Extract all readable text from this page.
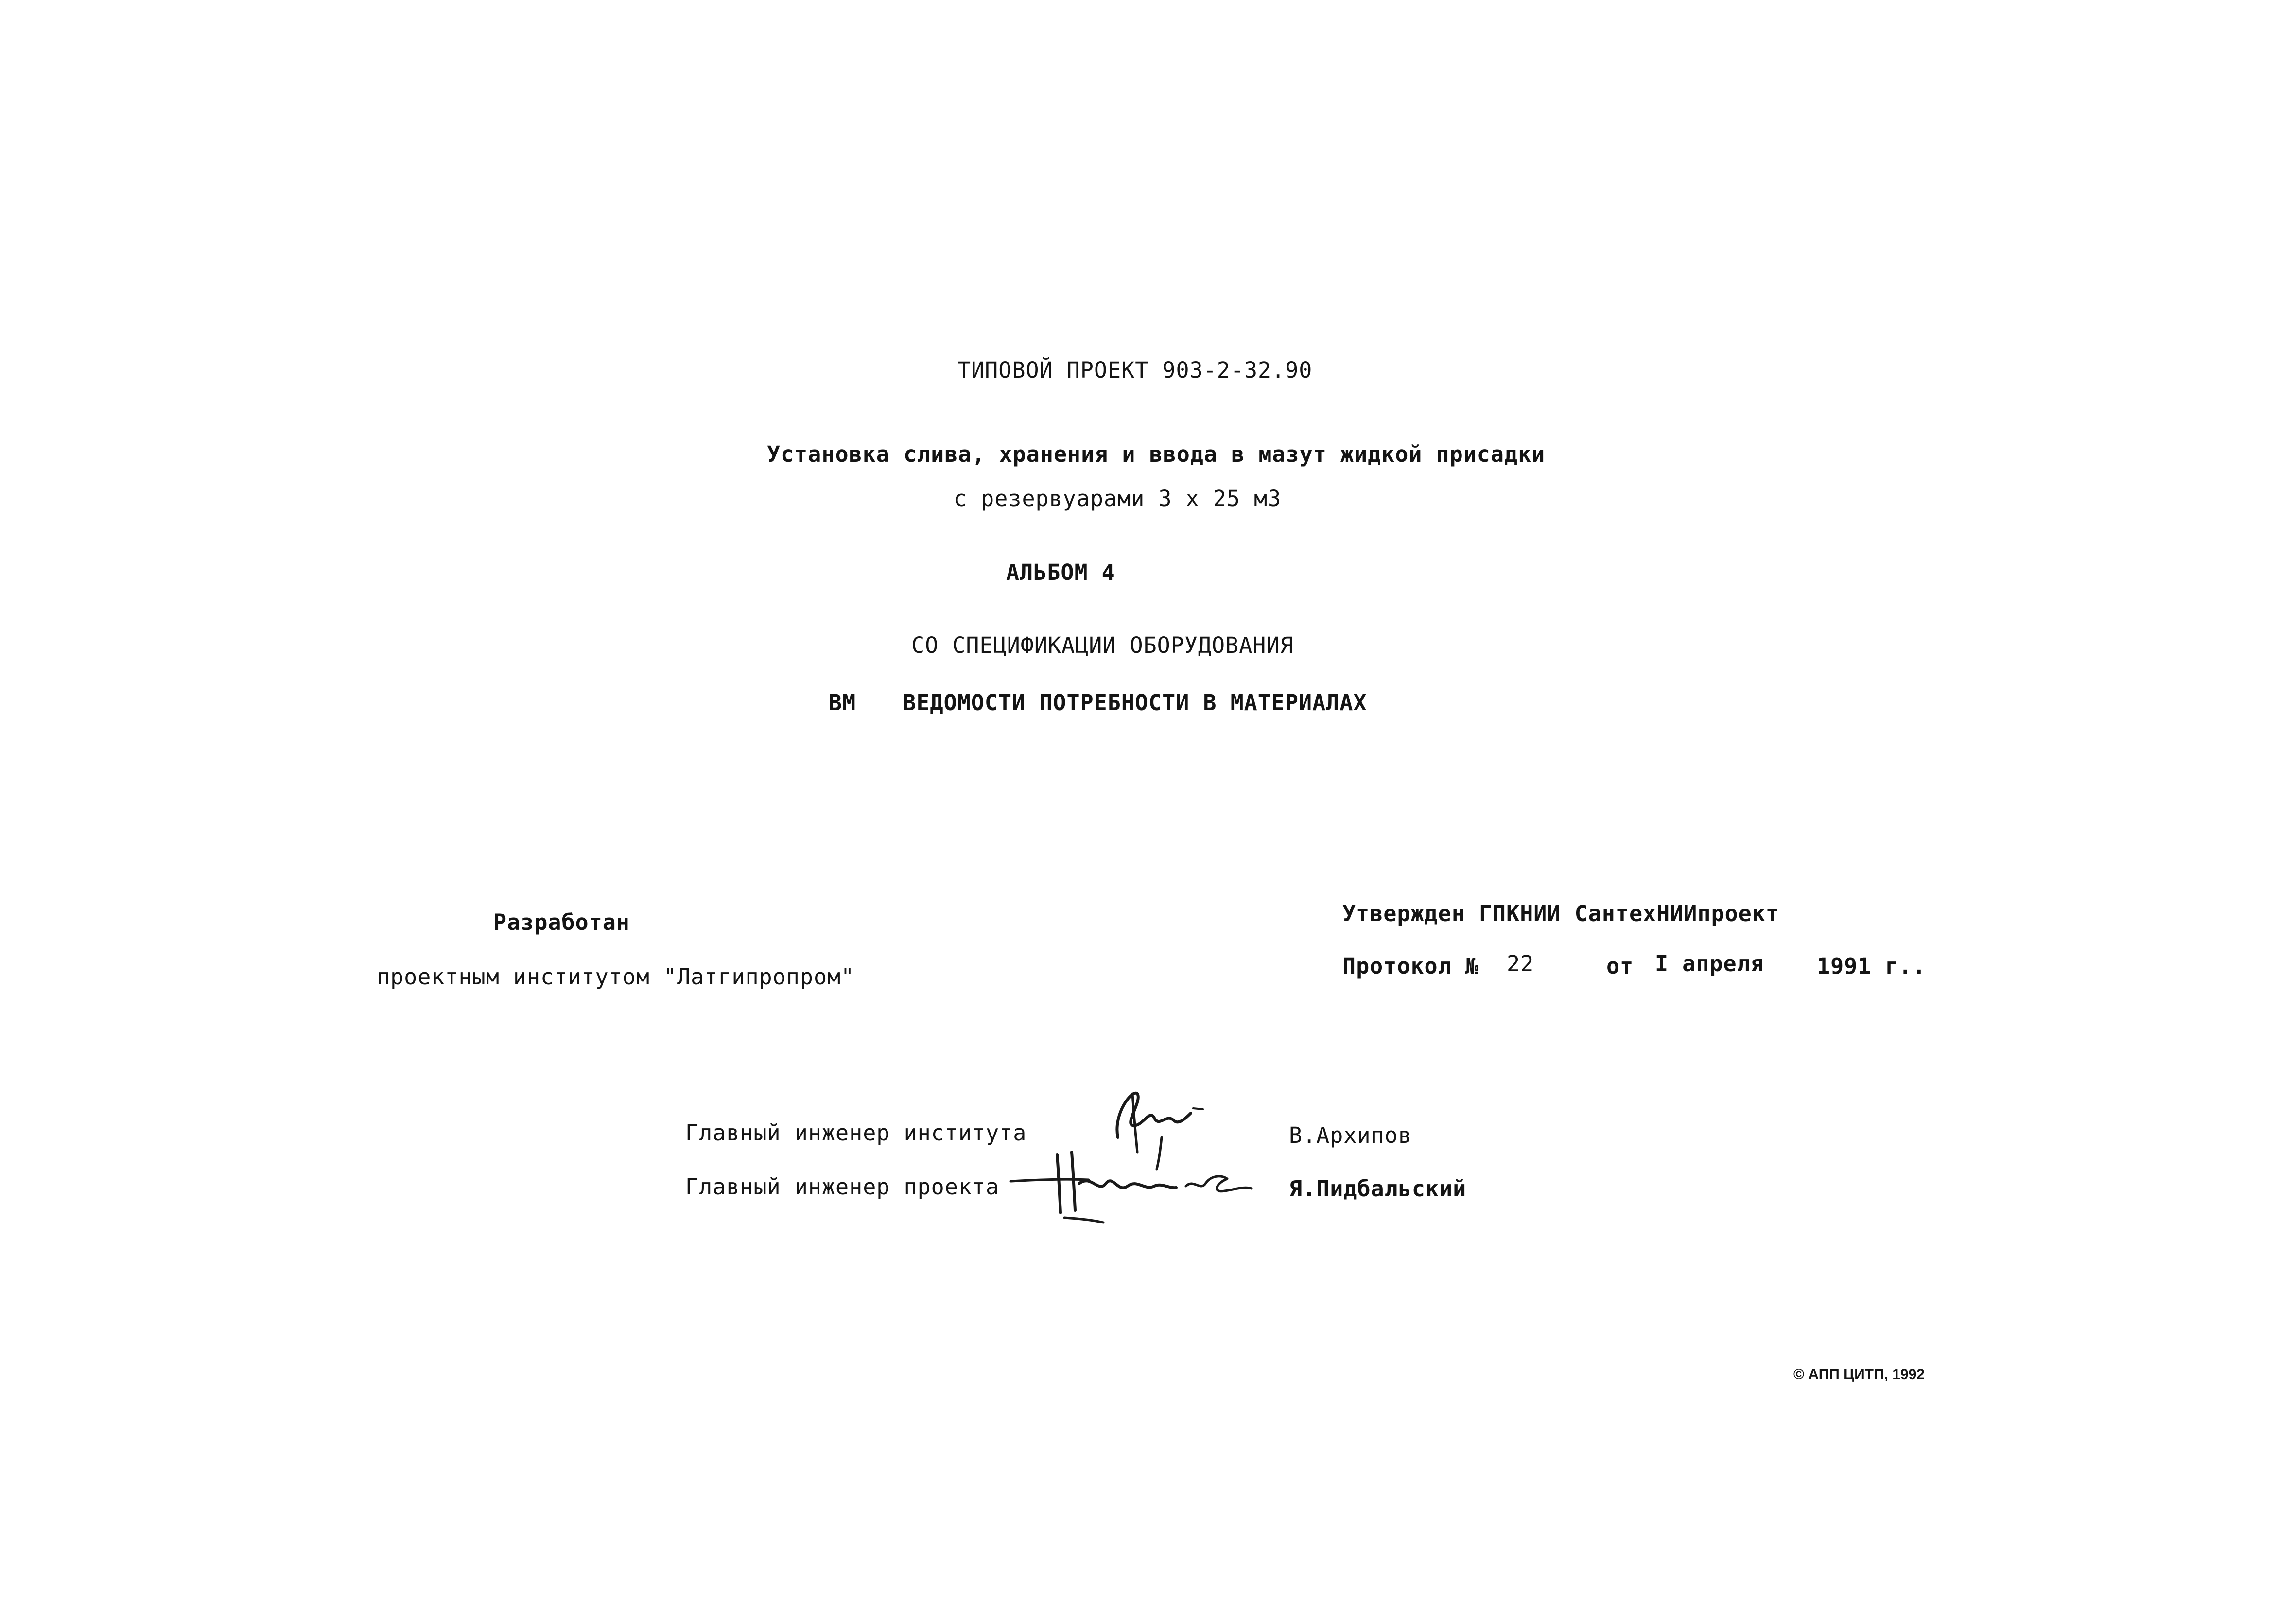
ТИПОВОЙ ПРОЕКТ 903-2-32.90
Установка слива, хранения и ввода в мазут жидкой присадки
с резервуарами 3 х 25 м3
АЛЬБОМ 4
СО СПЕЦИФИКАЦИИ ОБОРУДОВАНИЯ
ВМ ВЕДОМОСТИ ПОТРЕБНОСТИ В МАТЕРИАЛАХ
Разработан
проектным институтом "Латгипропром"
Утвержден ГПКНИИ СантехНИИпроект
Протокол № 22	от I апреля 1991 г..
Главный инженер института	В.Архипов
Главный инженер проекта	Я.Пидбальский
© АПП ЦИТП, 1992
